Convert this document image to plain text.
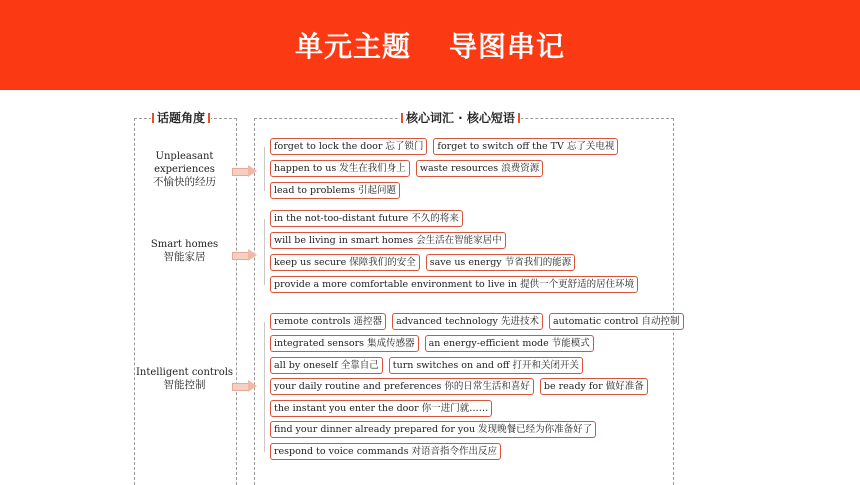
单元主题 导图串记
话题角度	核心词汇 · 核心短语
Unpleasant experiences
不愉快的经历
forget to lock the door 忘了锁门	forget to switch off the TV 忘了关电视
happen to us 发生在我们身上	waste resources 浪费资源
lead to problems 引起问题
Smart homes
智能家居
in the not-too-distant future 不久的将来
will be living in smart homes 会生活在智能家居中
keep us secure 保障我们的安全	save us energy 节省我们的能源
provide a more comfortable environment to live in 提供一个更舒适的居住环境
Intelligent controls
智能控制
remote controls 遥控器	advanced technology 先进技术	automatic control 自动控制
integrated sensors 集成传感器	an energy-efficient mode 节能模式
all by oneself 全靠自己	turn switches on and off 打开和关闭开关
your daily routine and preferences 你的日常生活和喜好	be ready for 做好准备
the instant you enter the door 你一进门就……
find your dinner already prepared for you 发现晚餐已经为你准备好了
respond to voice commands 对语音指令作出反应
